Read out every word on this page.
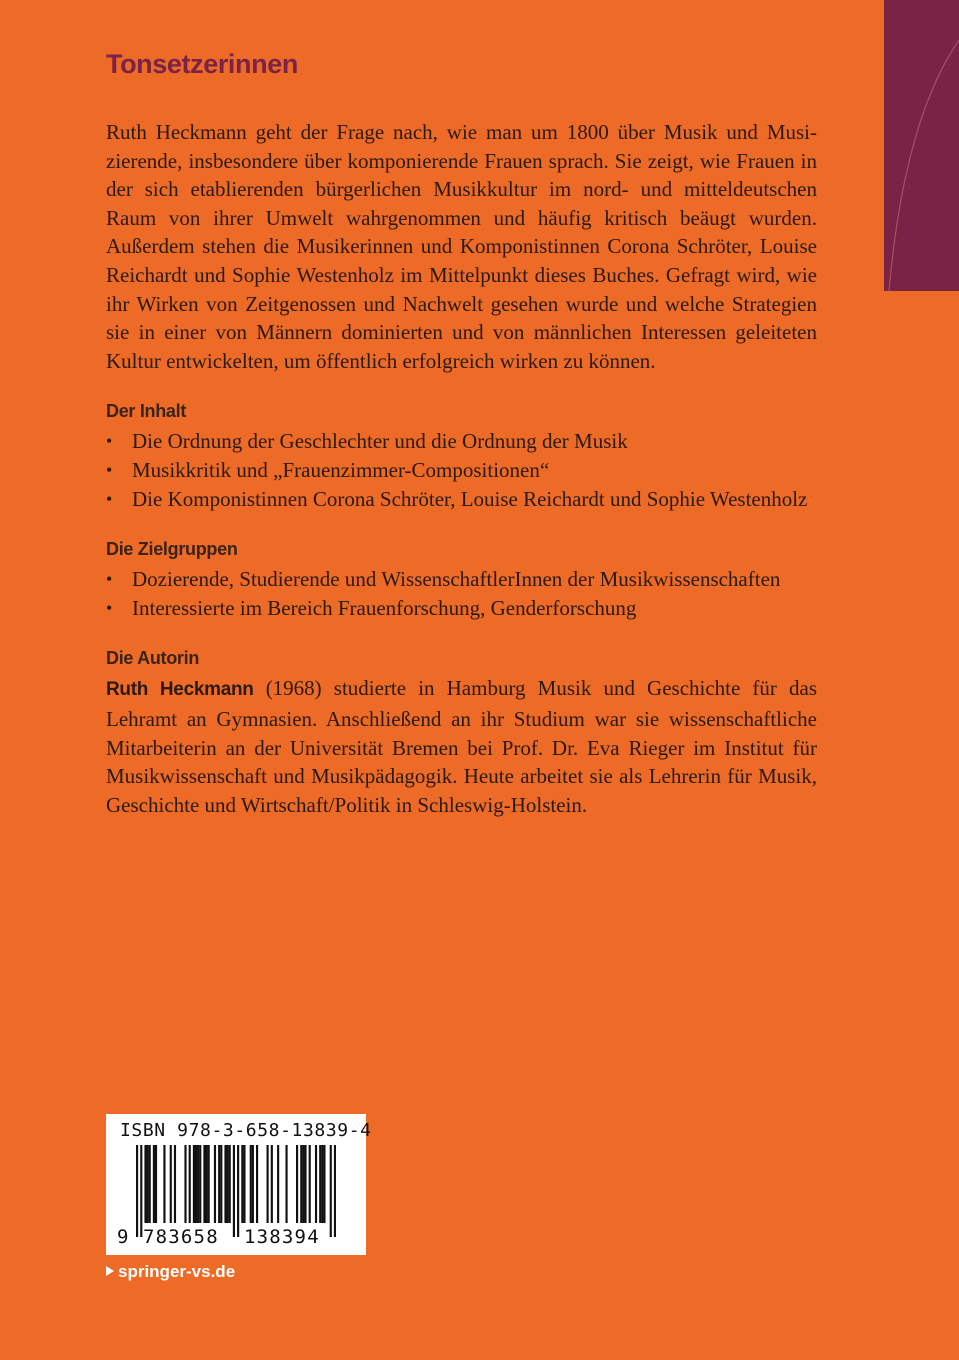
Tonsetzerinnen

Ruth Heckmann geht der Frage nach, wie man um 1800 über Musik und Musizierende, insbesondere über komponierende Frauen sprach. Sie zeigt, wie Frauen in der sich etablierenden bürgerlichen Musikkultur im nord- und mitteldeutschen Raum von ihrer Umwelt wahrgenommen und häufig kritisch beäugt wurden. Außerdem stehen die Musikerinnen und Komponistinnen Corona Schröter, Louise Reichardt und Sophie Westenholz im Mittelpunkt dieses Buches. Gefragt wird, wie ihr Wirken von Zeitgenossen und Nachwelt gesehen wurde und welche Strategien sie in einer von Männern dominierten und von männlichen Interessen geleiteten Kultur entwickelten, um öffentlich erfolgreich wirken zu können.

Der Inhalt
• Die Ordnung der Geschlechter und die Ordnung der Musik
• Musikkritik und „Frauenzimmer-Compositionen“
• Die Komponistinnen Corona Schröter, Louise Reichardt und Sophie Westenholz
Die Zielgruppen
• Dozierende, Studierende und WissenschaftlerInnen der Musikwissenschaften
• Interessierte im Bereich Frauenforschung, Genderforschung
Die Autorin

Ruth Heckmann (1968) studierte in Hamburg Musik und Geschichte für das Lehramt an Gymnasien. Anschließend an ihr Studium war sie wissenschaftliche Mitarbeiterin an der Universität Bremen bei Prof. Dr. Eva Rieger im Institut für Musikwissenschaft und Musikpädagogik. Heute arbeitet sie als Lehrerin für Musik, Geschichte und Wirtschaft/Politik in Schleswig-Holstein.

ISBN 978-3-658-13839-4
9 783658 138394
springer-vs.de
